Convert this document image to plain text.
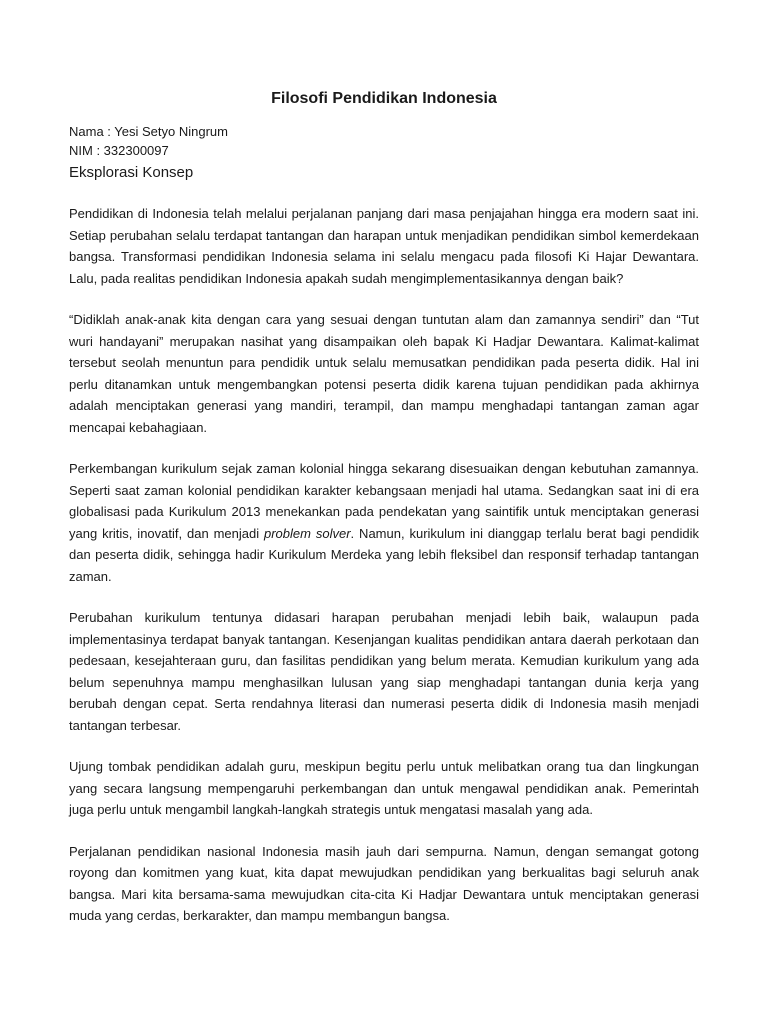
Filosofi Pendidikan Indonesia
Nama : Yesi Setyo Ningrum
NIM : 332300097
Eksplorasi Konsep

Pendidikan di Indonesia telah melalui perjalanan panjang dari masa penjajahan hingga era modern saat ini. Setiap perubahan selalu terdapat tantangan dan harapan untuk menjadikan pendidikan simbol kemerdekaan bangsa. Transformasi pendidikan Indonesia selama ini selalu mengacu pada filosofi Ki Hajar Dewantara. Lalu, pada realitas pendidikan Indonesia apakah sudah mengimplementasikannya dengan baik?

“Didiklah anak-anak kita dengan cara yang sesuai dengan tuntutan alam dan zamannya sendiri” dan “Tut wuri handayani” merupakan nasihat yang disampaikan oleh bapak Ki Hadjar Dewantara. Kalimat-kalimat tersebut seolah menuntun para pendidik untuk selalu memusatkan pendidikan pada peserta didik. Hal ini perlu ditanamkan untuk mengembangkan potensi peserta didik karena tujuan pendidikan pada akhirnya adalah menciptakan generasi yang mandiri, terampil, dan mampu menghadapi tantangan zaman agar mencapai kebahagiaan.

Perkembangan kurikulum sejak zaman kolonial hingga sekarang disesuaikan dengan kebutuhan zamannya. Seperti saat zaman kolonial pendidikan karakter kebangsaan menjadi hal utama. Sedangkan saat ini di era globalisasi pada Kurikulum 2013 menekankan pada pendekatan yang saintifik untuk menciptakan generasi yang kritis, inovatif, dan menjadi problem solver. Namun, kurikulum ini dianggap terlalu berat bagi pendidik dan peserta didik, sehingga hadir Kurikulum Merdeka yang lebih fleksibel dan responsif terhadap tantangan zaman.

Perubahan kurikulum tentunya didasari harapan perubahan menjadi lebih baik, walaupun pada implementasinya terdapat banyak tantangan. Kesenjangan kualitas pendidikan antara daerah perkotaan dan pedesaan, kesejahteraan guru, dan fasilitas pendidikan yang belum merata. Kemudian kurikulum yang ada belum sepenuhnya mampu menghasilkan lulusan yang siap menghadapi tantangan dunia kerja yang berubah dengan cepat. Serta rendahnya literasi dan numerasi peserta didik di Indonesia masih menjadi tantangan terbesar.

Ujung tombak pendidikan adalah guru, meskipun begitu perlu untuk melibatkan orang tua dan lingkungan yang secara langsung mempengaruhi perkembangan dan untuk mengawal pendidikan anak. Pemerintah juga perlu untuk mengambil langkah-langkah strategis untuk mengatasi masalah yang ada.

Perjalanan pendidikan nasional Indonesia masih jauh dari sempurna. Namun, dengan semangat gotong royong dan komitmen yang kuat, kita dapat mewujudkan pendidikan yang berkualitas bagi seluruh anak bangsa. Mari kita bersama-sama mewujudkan cita-cita Ki Hadjar Dewantara untuk menciptakan generasi muda yang cerdas, berkarakter, dan mampu membangun bangsa.
